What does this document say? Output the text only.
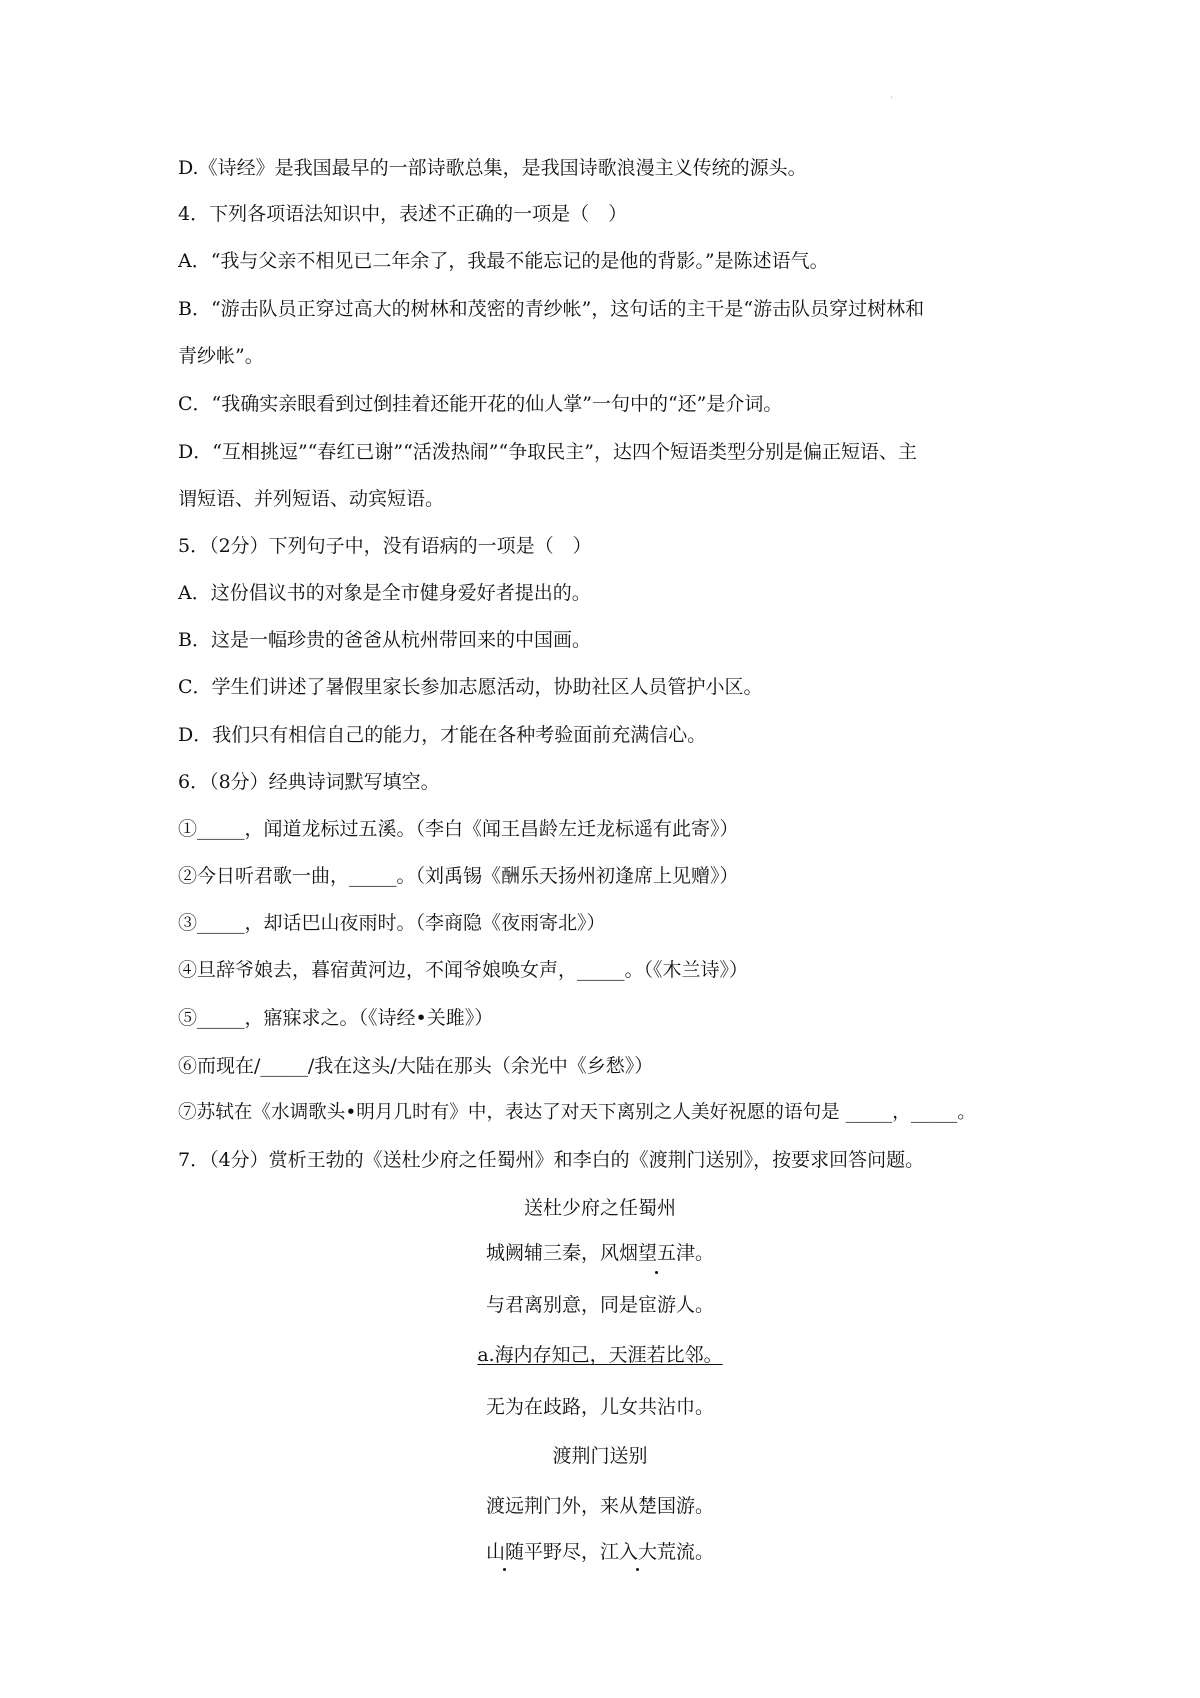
`
D.《诗经》是我国最早的一部诗歌总集，是我国诗歌浪漫主义传统的源头。
4．下列各项语法知识中，表述不正确的一项是（　）
A．“我与父亲不相见已二年余了，我最不能忘记的是他的背影。”是陈述语气。
B．“游击队员正穿过高大的树林和茂密的青纱帐”，这句话的主干是“游击队员穿过树林和
青纱帐”。
C．“我确实亲眼看到过倒挂着还能开花的仙人掌”一句中的“还”是介词。
D．“互相挑逗”“春红已谢”“活泼热闹”“争取民主”，达四个短语类型分别是偏正短语、主
谓短语、并列短语、动宾短语。
5．（2分）下列句子中，没有语病的一项是（　）
A．这份倡议书的对象是全市健身爱好者提出的。
B．这是一幅珍贵的爸爸从杭州带回来的中国画。
C．学生们讲述了暑假里家长参加志愿活动，协助社区人员管护小区。
D．我们只有相信自己的能力，才能在各种考验面前充满信心。
6．（8分）经典诗词默写填空。
①_____，闻道龙标过五溪。（李白《闻王昌龄左迁龙标遥有此寄》）
②今日听君歌一曲，_____。（刘禹锡《酬乐天扬州初逢席上见赠》）
③_____，却话巴山夜雨时。（李商隐《夜雨寄北》）
④旦辞爷娘去，暮宿黄河边，不闻爷娘唤女声，_____。（《木兰诗》）
⑤_____，寤寐求之。（《诗经•关雎》）
⑥而现在/_____/我在这头/大陆在那头（余光中《乡愁》）
⑦苏轼在《水调歌头•明月几时有》中，表达了对天下离别之人美好祝愿的语句是 _____，_____。
7．（4分）赏析王勃的《送杜少府之任蜀州》和李白的《渡荆门送别》，按要求回答问题。
送杜少府之任蜀州
城阙辅三秦，风烟望五津。
与君离别意，同是宦游人。
a.海内存知己，天涯若比邻。
无为在歧路，儿女共沾巾。
渡荆门送别
渡远荆门外，来从楚国游。
山随平野尽，江入大荒流。
